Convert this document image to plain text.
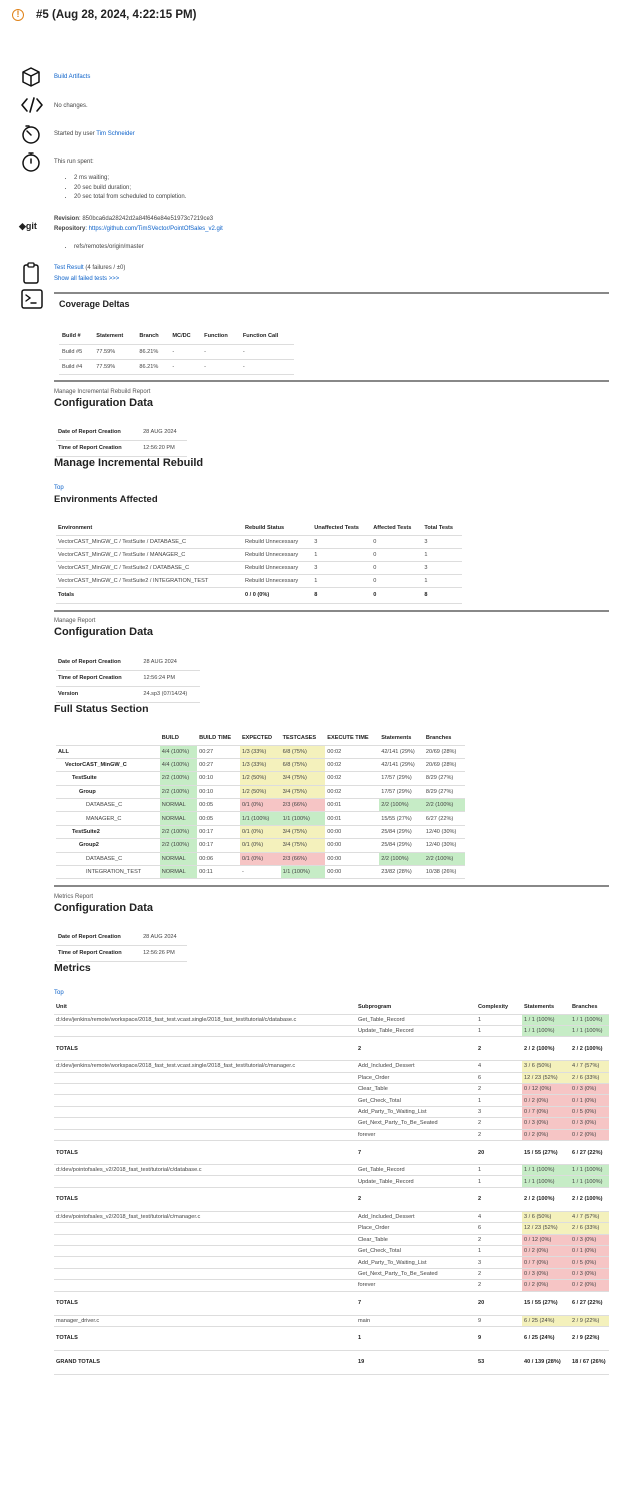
!	#5 (Aug 28, 2024, 4:22:15 PM)
Build Artifacts
No changes.
Started by user Tim Schneider
This run spent:
• 2 ms waiting;
• 20 sec build duration;
• 20 sec total from scheduled to completion.
◆git
Revision: 850bca6da28242d2a84f646e84e51973c7219ce3
Repository: https://github.com/TimSVector/PointOfSales_v2.git
• refs/remotes/origin/master
Test Result (4 failures / ±0)
Show all failed tests >>>
Coverage Deltas
Build #	Statement	Branch	MC/DC	Function	Function Call
Build #5	77.59%	86.21%	-	-	-
Build #4	77.59%	86.21%	-	-	-
Manage Incremental Rebuild Report
Configuration Data
Date of Report Creation	28 AUG 2024
Time of Report Creation	12:56:20 PM
Manage Incremental Rebuild
Top
Environments Affected
Environment	Rebuild Status	Unaffected Tests	Affected Tests	Total Tests
VectorCAST_MinGW_C / TestSuite / DATABASE_C	Rebuild Unnecessary	3	0	3
VectorCAST_MinGW_C / TestSuite / MANAGER_C	Rebuild Unnecessary	1	0	1
VectorCAST_MinGW_C / TestSuite2 / DATABASE_C	Rebuild Unnecessary	3	0	3
VectorCAST_MinGW_C / TestSuite2 / INTEGRATION_TEST	Rebuild Unnecessary	1	0	1
Totals	0 / 0 (0%)	8	0	8
Manage Report
Configuration Data
Date of Report Creation	28 AUG 2024
Time of Report Creation	12:56:24 PM
Version	24.sp3 (07/14/24)
Full Status Section
	BUILD	BUILD TIME	EXPECTED	TESTCASES	EXECUTE TIME	Statements	Branches
ALL	4/4 (100%)	00:27	1/3 (33%)	6/8 (75%)	00:02	42/141 (29%)	20/69 (28%)
VectorCAST_MinGW_C	4/4 (100%)	00:27	1/3 (33%)	6/8 (75%)	00:02	42/141 (29%)	20/69 (28%)
TestSuite	2/2 (100%)	00:10	1/2 (50%)	3/4 (75%)	00:02	17/57 (29%)	8/29 (27%)
Group	2/2 (100%)	00:10	1/2 (50%)	3/4 (75%)	00:02	17/57 (29%)	8/29 (27%)
DATABASE_C	NORMAL	00:05	0/1 (0%)	2/3 (66%)	00:01	2/2 (100%)	2/2 (100%)
MANAGER_C	NORMAL	00:05	1/1 (100%)	1/1 (100%)	00:01	15/55 (27%)	6/27 (22%)
TestSuite2	2/2 (100%)	00:17	0/1 (0%)	3/4 (75%)	00:00	25/84 (29%)	12/40 (30%)
Group2	2/2 (100%)	00:17	0/1 (0%)	3/4 (75%)	00:00	25/84 (29%)	12/40 (30%)
DATABASE_C	NORMAL	00:06	0/1 (0%)	2/3 (66%)	00:00	2/2 (100%)	2/2 (100%)
INTEGRATION_TEST	NORMAL	00:11	-	1/1 (100%)	00:00	23/82 (28%)	10/38 (26%)
Metrics Report
Configuration Data
Date of Report Creation	28 AUG 2024
Time of Report Creation	12:56:26 PM
Metrics
Top
Unit	Subprogram	Complexity	Statements	Branches
d:/dev/jenkins/remote/workspace/2018_fast_test.vcast.single/2018_fast_test/tutorial/c/database.c	Get_Table_Record	1	1 / 1 (100%)	1 / 1 (100%)
	Update_Table_Record	1	1 / 1 (100%)	1 / 1 (100%)
TOTALS	2	2	2 / 2 (100%)	2 / 2 (100%)
d:/dev/jenkins/remote/workspace/2018_fast_test.vcast.single/2018_fast_test/tutorial/c/manager.c	Add_Included_Dessert	4	3 / 6 (50%)	4 / 7 (57%)
	Place_Order	6	12 / 23 (52%)	2 / 6 (33%)
	Clear_Table	2	0 / 12 (0%)	0 / 3 (0%)
	Get_Check_Total	1	0 / 2 (0%)	0 / 1 (0%)
	Add_Party_To_Waiting_List	3	0 / 7 (0%)	0 / 5 (0%)
	Get_Next_Party_To_Be_Seated	2	0 / 3 (0%)	0 / 3 (0%)
	forever	2	0 / 2 (0%)	0 / 2 (0%)
TOTALS	7	20	15 / 55 (27%)	6 / 27 (22%)
d:/dev/pointofsales_v2/2018_fast_test/tutorial/c/database.c	Get_Table_Record	1	1 / 1 (100%)	1 / 1 (100%)
	Update_Table_Record	1	1 / 1 (100%)	1 / 1 (100%)
TOTALS	2	2	2 / 2 (100%)	2 / 2 (100%)
d:/dev/pointofsales_v2/2018_fast_test/tutorial/c/manager.c	Add_Included_Dessert	4	3 / 6 (50%)	4 / 7 (57%)
	Place_Order	6	12 / 23 (52%)	2 / 6 (33%)
	Clear_Table	2	0 / 12 (0%)	0 / 3 (0%)
	Get_Check_Total	1	0 / 2 (0%)	0 / 1 (0%)
	Add_Party_To_Waiting_List	3	0 / 7 (0%)	0 / 5 (0%)
	Get_Next_Party_To_Be_Seated	2	0 / 3 (0%)	0 / 3 (0%)
	forever	2	0 / 2 (0%)	0 / 2 (0%)
TOTALS	7	20	15 / 55 (27%)	6 / 27 (22%)
manager_driver.c	main	9	6 / 25 (24%)	2 / 9 (22%)
TOTALS	1	9	6 / 25 (24%)	2 / 9 (22%)
GRAND TOTALS	19	53	40 / 139 (28%)	18 / 67 (26%)
